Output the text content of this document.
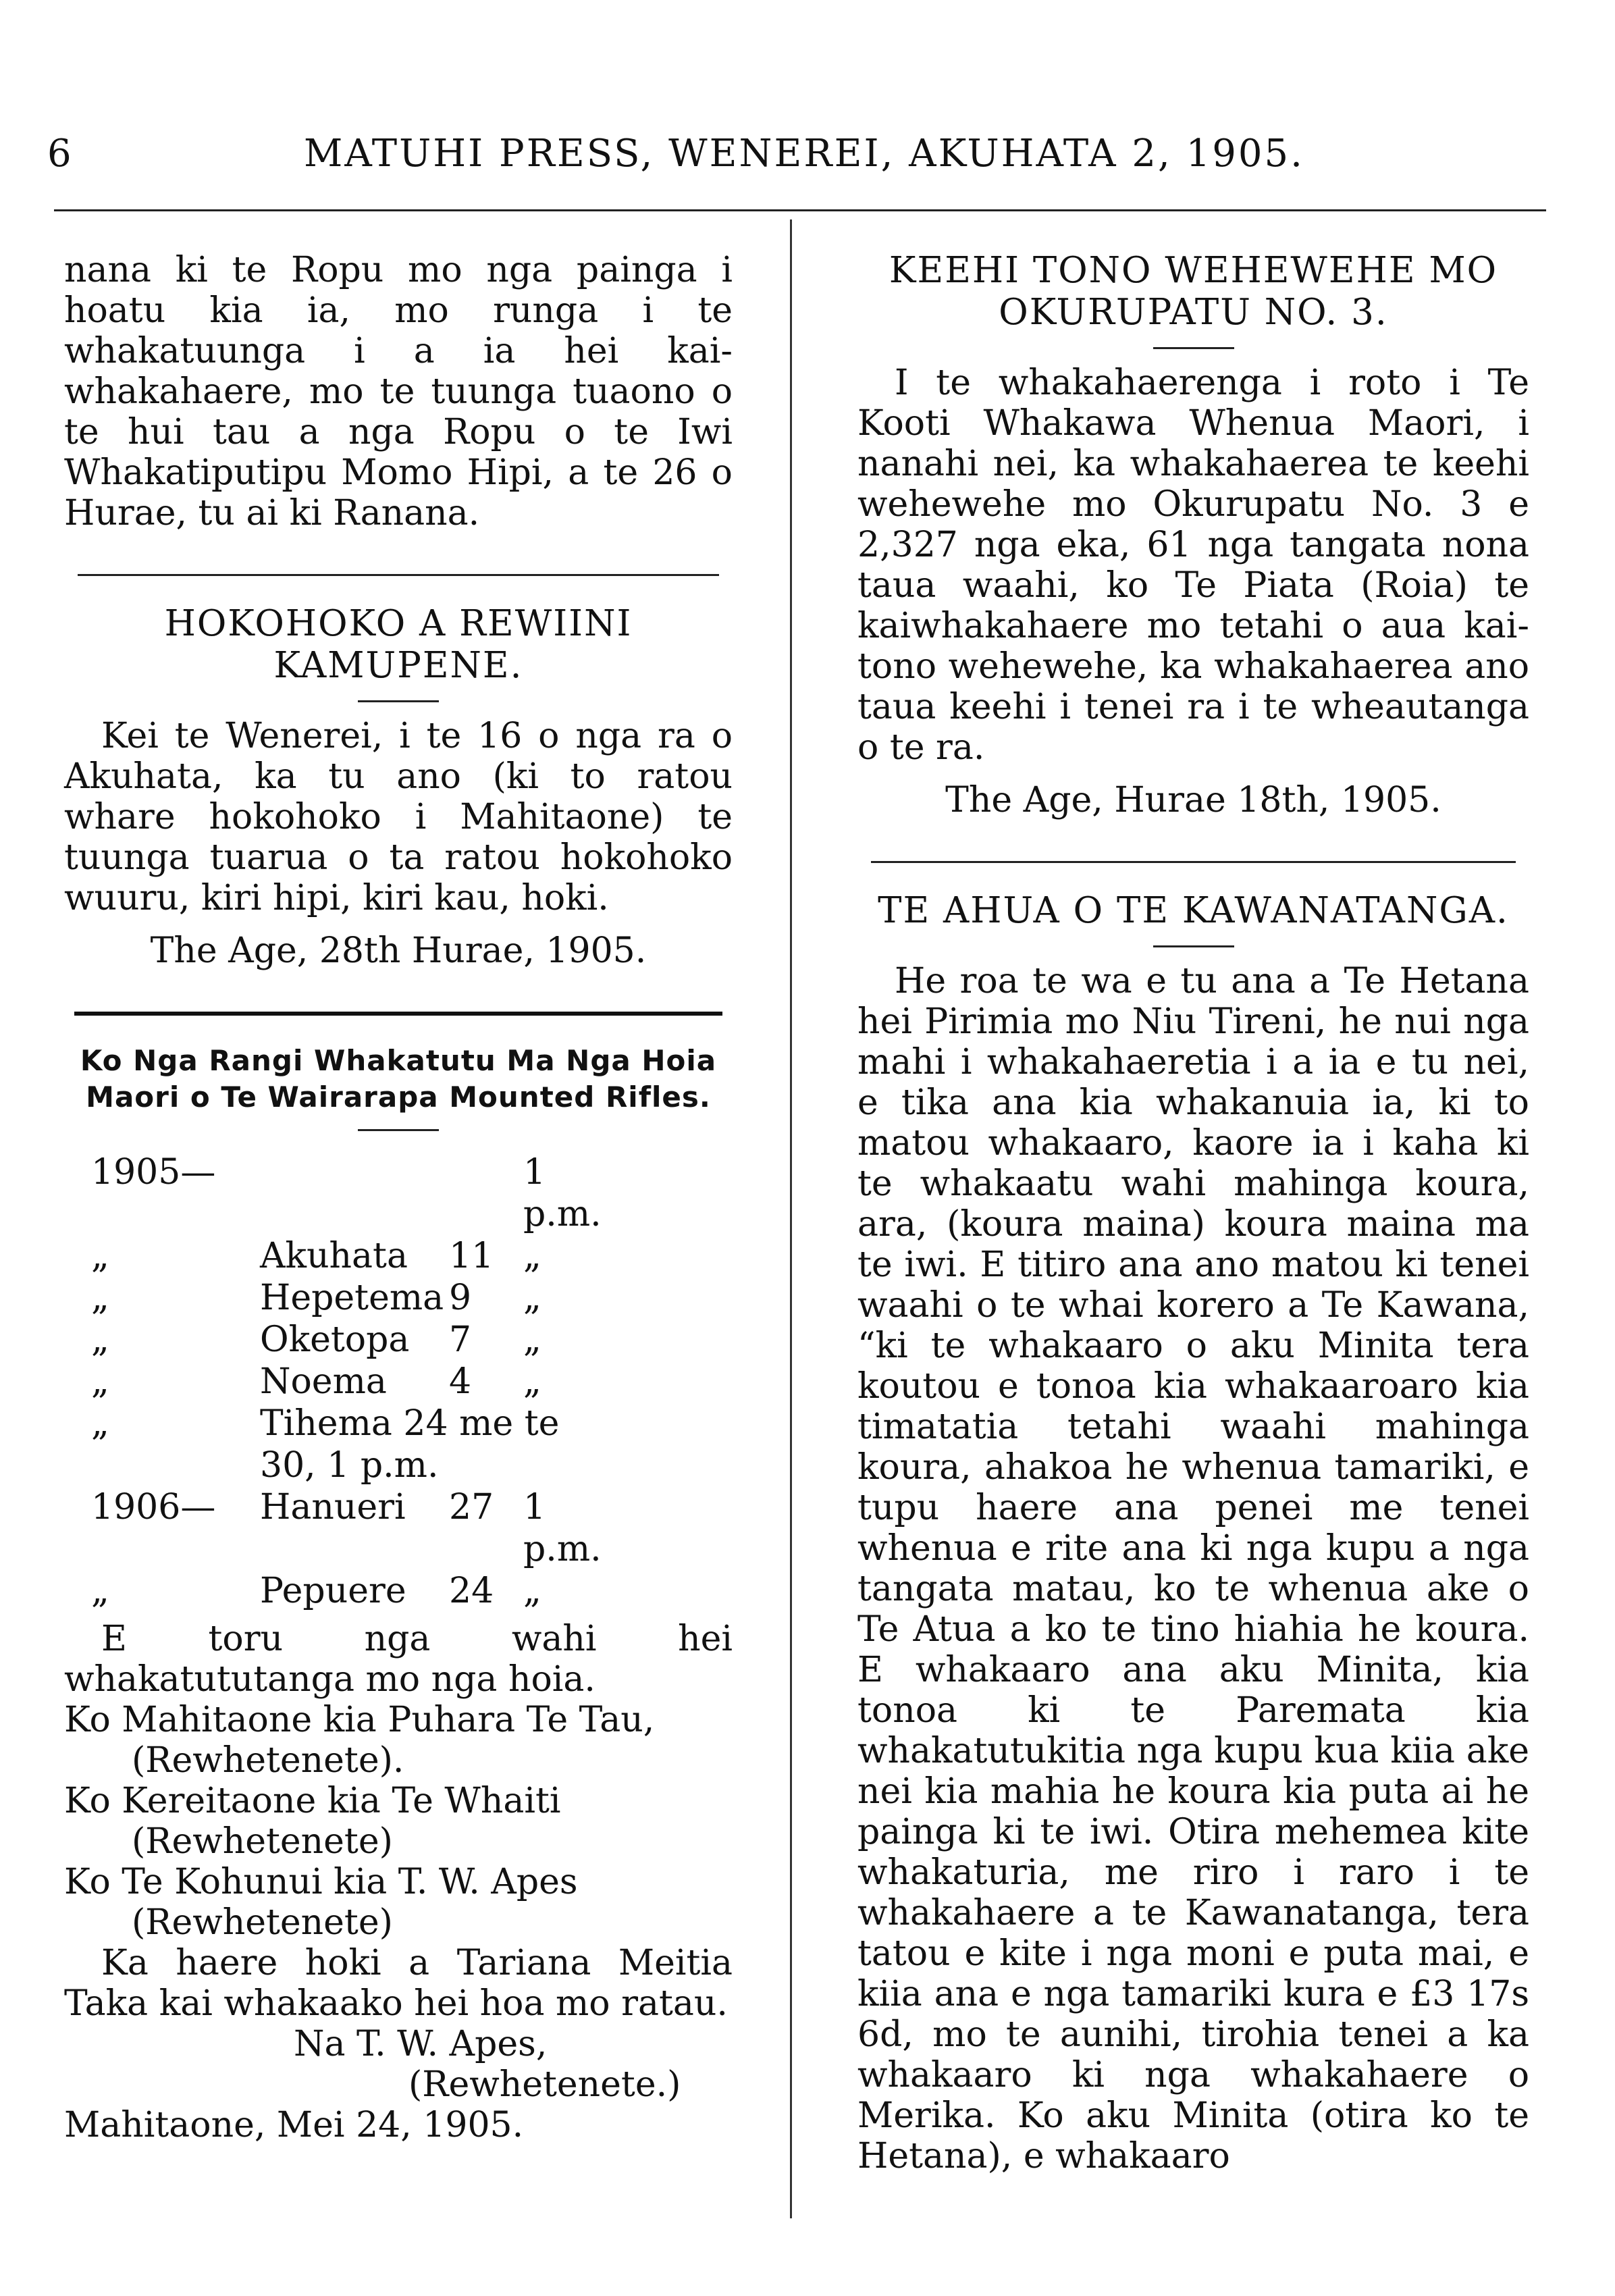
6	MATUHI PRESS, WENEREI, AKUHATA 2, 1905.

nana ki te Ropu mo nga painga i hoatu kia ia, mo runga i te whakatuunga i a ia hei kai-whakahaere, mo te tuunga tuaono o te hui tau a nga Ropu o te Iwi Whakatiputipu Momo Hipi, a te 26 o Hurae, tu ai ki Ranana.

HOKOHOKO A REWIINI

KAMUPENE.

Kei te Wenerei, i te 16 o nga ra o Akuhata, ka tu ano (ki to ratou whare hokohoko i Mahitaone) te tuunga tuarua o ta ratou hokohoko wuuru, kiri hipi, kiri kau, hoki.

The Age, 28th Hurae, 1905.

Ko Nga Rangi Whakatutu Ma Nga Hoia

Maori o Te Wairarapa Mounted Rifles.

1905—			1 p.m.
„	Akuhata	11	„
„	Hepetema	9	„
„	Oketopa	7	„
„	Noema	4	„
„	Tihema 24 me te 30, 1 p.m.		
1906—	Hanueri	27	1 p.m.
„	Pepuere	24	„

E toru nga wahi hei whakatututanga mo nga hoia.

Ko Mahitaone kia Puhara Te Tau, (Rewhetenete).

Ko Kereitaone kia Te Whaiti (Rewhetenete)

Ko Te Kohunui kia T. W. Apes (Rewhetenete)

Ka haere hoki a Tariana Meitia Taka kai whakaako hei hoa mo ratau.

Na T. W. Apes,

(Rewhetenete.)

Mahitaone, Mei 24, 1905.

KEEHI TONO WEHEWEHE MO

OKURUPATU NO. 3.

I te whakahaerenga i roto i Te Kooti Whakawa Whenua Maori, i nanahi nei, ka whakahaerea te keehi wehewehe mo Okurupatu No. 3 e 2,327 nga eka, 61 nga tangata nona taua waahi, ko Te Piata (Roia) te kaiwhakahaere mo tetahi o aua kai-tono wehewehe, ka whakahaerea ano taua keehi i tenei ra i te wheautanga o te ra.

The Age, Hurae 18th, 1905.

TE AHUA O TE KAWANATANGA.

He roa te wa e tu ana a Te Hetana hei Pirimia mo Niu Tireni, he nui nga mahi i whakahaeretia i a ia e tu nei, e tika ana kia whakanuia ia, ki to matou whakaaro, kaore ia i kaha ki te whakaatu wahi mahinga koura, ara, (koura maina) koura maina ma te iwi. E titiro ana ano matou ki tenei waahi o te whai korero a Te Kawana, “ki te whakaaro o aku Minita tera koutou e tonoa kia whakaaroaro kia timatatia tetahi waahi mahinga koura, ahakoa he whenua tamariki, e tupu haere ana penei me tenei whenua e rite ana ki nga kupu a nga tangata matau, ko te whenua ake o Te Atua a ko te tino hiahia he koura. E whakaaro ana aku Minita, kia tonoa ki te Paremata kia whakatutukitia nga kupu kua kiia ake nei kia mahia he koura kia puta ai he painga ki te iwi. Otira mehemea kite whakaturia, me riro i raro i te whakahaere a te Kawanatanga, tera tatou e kite i nga moni e puta mai, e kiia ana e nga tamariki kura e £3 17s 6d, mo te aunihi, tirohia tenei a ka whakaaro ki nga whakahaere o Merika. Ko aku Minita (otira ko te Hetana), e whakaaro
